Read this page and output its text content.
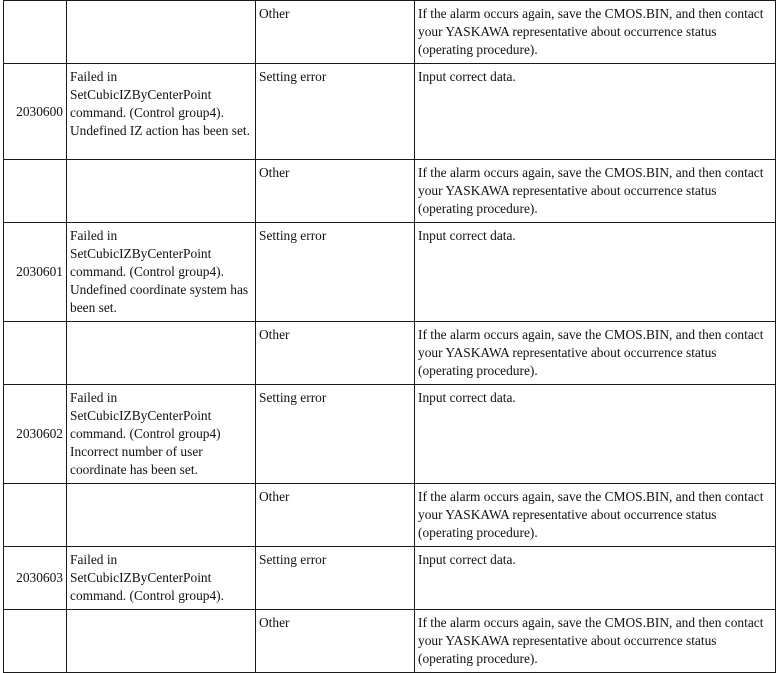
		Other	If the alarm occurs again, save the CMOS.BIN, and then contact your YASKAWA representative about occurrence status (operating procedure).
2030600	Failed in SetCubicIZByCenterPoint command. (Control group4). Undefined IZ action has been set.	Setting error	Input correct data.
		Other	If the alarm occurs again, save the CMOS.BIN, and then contact your YASKAWA representative about occurrence status (operating procedure).
2030601	Failed in SetCubicIZByCenterPoint command. (Control group4). Undefined coordinate system has been set.	Setting error	Input correct data.
		Other	If the alarm occurs again, save the CMOS.BIN, and then contact your YASKAWA representative about occurrence status (operating procedure).
2030602	Failed in SetCubicIZByCenterPoint command. (Control group4) Incorrect number of user coordinate has been set.	Setting error	Input correct data.
		Other	If the alarm occurs again, save the CMOS.BIN, and then contact your YASKAWA representative about occurrence status (operating procedure).
2030603	Failed in SetCubicIZByCenterPoint command. (Control group4).	Setting error	Input correct data.
		Other	If the alarm occurs again, save the CMOS.BIN, and then contact your YASKAWA representative about occurrence status (operating procedure).
